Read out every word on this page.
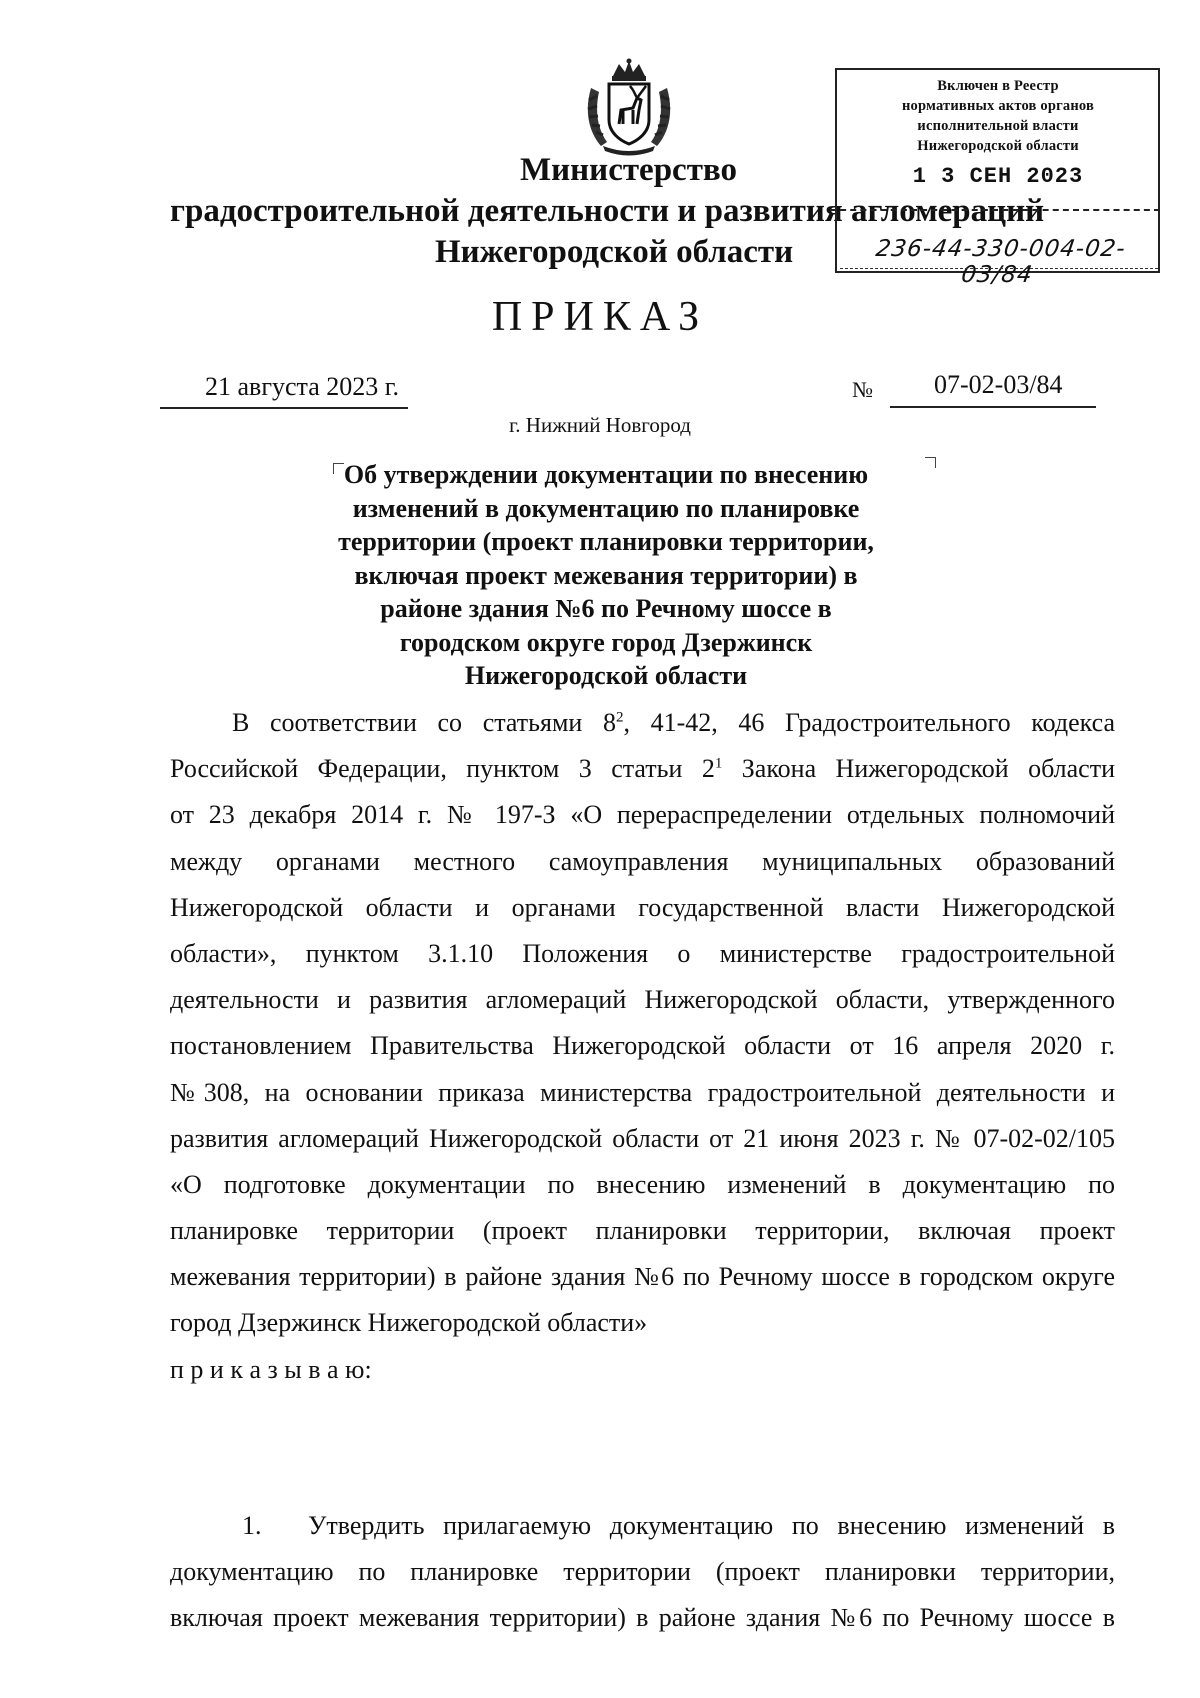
Министерство
градостроительной деятельности и развития агломераций
Нижегородской области
Включен в Реестр
нормативных актов органов
исполнительной власти
Нижегородской области
1 3 СЕН 2023
236-44-330-004-02-03/84
ПРИКАЗ
21 августа 2023 г.	№ 07-02-03/84
г. Нижний Новгород
Об утверждении документации по внесению
изменений в документацию по планировке
территории (проект планировки территории,
включая проект межевания территории) в
районе здания №6 по Речному шоссе в
городском округе город Дзержинск
Нижегородской области
В соответствии со статьями $8^2$, 41-42, 46 Градостроительного кодекса
Российской Федерации, пунктом 3 статьи $2^1$ Закона Нижегородской области
от 23 декабря 2014 г. № 197-З «О перераспределении отдельных полномочий
между органами местного самоуправления муниципальных образований
Нижегородской области и органами государственной власти Нижегородской
области», пунктом 3.1.10 Положения о министерстве градостроительной
деятельности и развития агломераций Нижегородской области, утвержденного
постановлением Правительства Нижегородской области от 16 апреля 2020 г.
№308, на основании приказа министерства градостроительной деятельности и
развития агломераций Нижегородской области от 21 июня 2023 г. № 07-02-02/105
«О подготовке документации по внесению изменений в документацию по
планировке территории (проект планировки территории, включая проект
межевания территории) в районе здания №6 по Речному шоссе в городском округе
город Дзержинск Нижегородской области»
п р и к а з ы в а ю:
1. Утвердить прилагаемую документацию по внесению изменений в
документацию по планировке территории (проект планировки территории,
включая проект межевания территории) в районе здания №6 по Речному шоссе в
